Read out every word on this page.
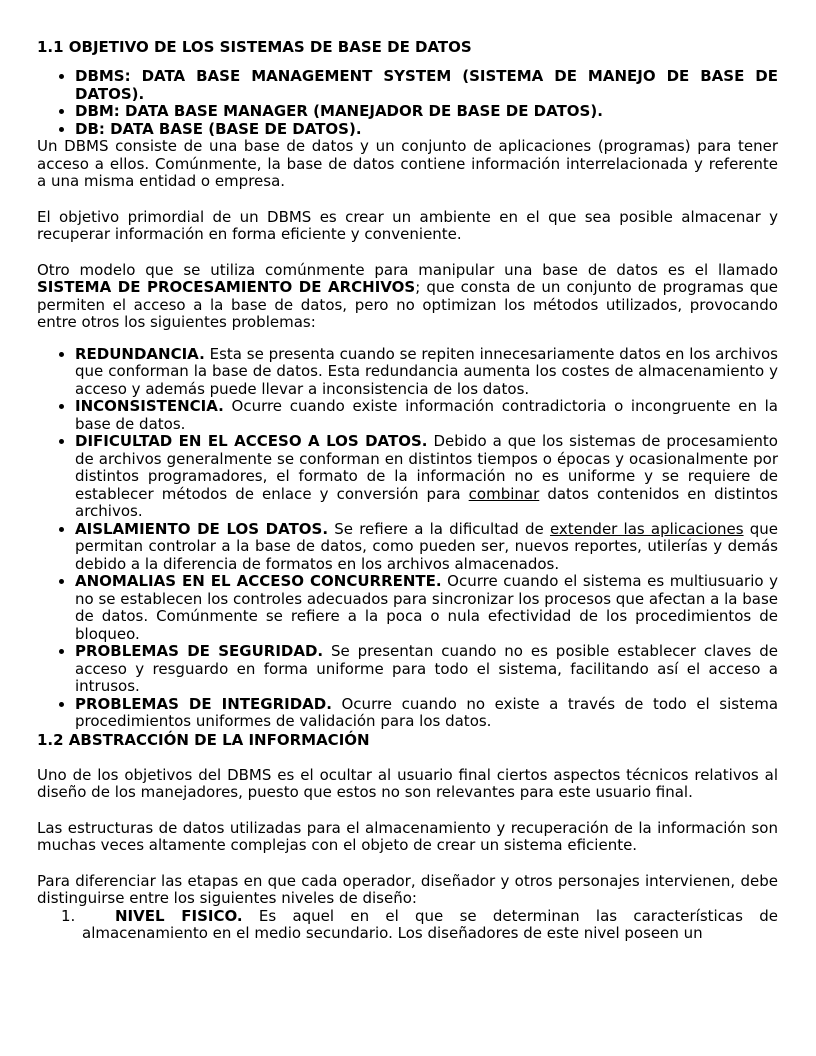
1.1 OBJETIVO DE LOS SISTEMAS DE BASE DE DATOS
• DBMS: DATA BASE MANAGEMENT SYSTEM (SISTEMA DE MANEJO DE BASE DE DATOS).
• DBM: DATA BASE MANAGER (MANEJADOR DE BASE DE DATOS).
• DB: DATA BASE (BASE DE DATOS).

Un DBMS consiste de una base de datos y un conjunto de aplicaciones (programas) para tener acceso a ellos. Comúnmente, la base de datos contiene información interrelacionada y referente a una misma entidad o empresa.

El objetivo primordial de un DBMS es crear un ambiente en el que sea posible almacenar y recuperar información en forma eficiente y conveniente.

Otro modelo que se utiliza comúnmente para manipular una base de datos es el llamado SISTEMA DE PROCESAMIENTO DE ARCHIVOS; que consta de un conjunto de programas que permiten el acceso a la base de datos, pero no optimizan los métodos utilizados, provocando entre otros los siguientes problemas:

• REDUNDANCIA. Esta se presenta cuando se repiten innecesariamente datos en los archivos que conforman la base de datos. Esta redundancia aumenta los costes de almacenamiento y acceso y además puede llevar a inconsistencia de los datos.
• INCONSISTENCIA. Ocurre cuando existe información contradictoria o incongruente en la base de datos.
• DIFICULTAD EN EL ACCESO A LOS DATOS. Debido a que los sistemas de procesamiento de archivos generalmente se conforman en distintos tiempos o épocas y ocasionalmente por distintos programadores, el formato de la información no es uniforme y se requiere de establecer métodos de enlace y conversión para combinar datos contenidos en distintos archivos.
• AISLAMIENTO DE LOS DATOS. Se refiere a la dificultad de extender las aplicaciones que permitan controlar a la base de datos, como pueden ser, nuevos reportes, utilerías y demás debido a la diferencia de formatos en los archivos almacenados.
• ANOMALIAS EN EL ACCESO CONCURRENTE. Ocurre cuando el sistema es multiusuario y no se establecen los controles adecuados para sincronizar los procesos que afectan a la base de datos. Comúnmente se refiere a la poca o nula efectividad de los procedimientos de bloqueo.
• PROBLEMAS DE SEGURIDAD. Se presentan cuando no es posible establecer claves de acceso y resguardo en forma uniforme para todo el sistema, facilitando así el acceso a intrusos.
• PROBLEMAS DE INTEGRIDAD. Ocurre cuando no existe a través de todo el sistema procedimientos uniformes de validación para los datos.
1.2 ABSTRACCIÓN DE LA INFORMACIÓN

Uno de los objetivos del DBMS es el ocultar al usuario final ciertos aspectos técnicos relativos al diseño de los manejadores, puesto que estos no son relevantes para este usuario final.

Las estructuras de datos utilizadas para el almacenamiento y recuperación de la información son muchas veces altamente complejas con el objeto de crear un sistema eficiente.

Para diferenciar las etapas en que cada operador, diseñador y otros personajes intervienen, debe distinguirse entre los siguientes niveles de diseño:

1.	NIVEL FISICO. Es aquel en el que se determinan las características de almacenamiento en el medio secundario. Los diseñadores de este nivel poseen un
